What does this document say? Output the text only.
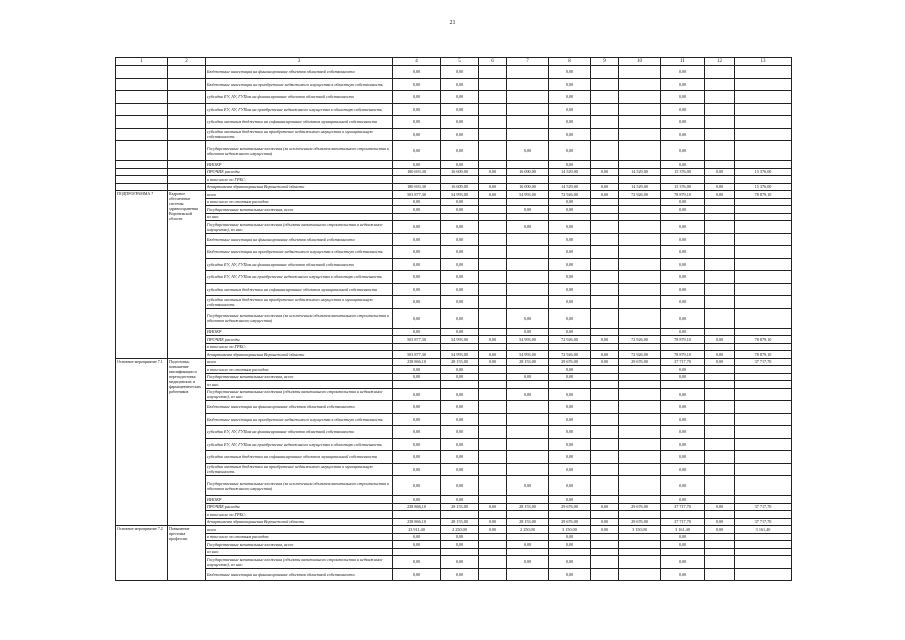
21
1	2	3	4	5	6	7	8	9	10	11	12	13
		Бюджетные инвестиции на финансирование объектов областной собственности	0,00	0,00			0,00			0,00		
		Бюджетные инвестиции на приобретение недвижимого имущества в областную собственность	0,00	0,00			0,00			0,00		
		субсидии ЕУ, АУ, ГУПам на финансирование объектов областной собственности	0,00	0,00			0,00			0,00		
		субсидии ЕУ, АУ, ГУПам на приобретение недвижимого имущества в областную собственность	0,00	0,00			0,00			0,00		
		субсидии местным бюджетам на софинансирование объектов муниципальной собственности	0,00	0,00			0,00			0,00		
		субсидии местным бюджетам на приобретение недвижимого имущества в муниципальную собственность	0,00	0,00			0,00			0,00		
		Государственные капитальные вложения (за исключением объектов капитального строительства и объектов недвижимого имущества)	0,00	0,00		0,00	0,00			0,00		
		НИОКР	0,00	0,00			0,00			0,00		
		ПРОЧИЕ расходы	180 693,30	16 609,00	0,00	16 000,00	14 529,00	0,00	14 529,00	15 376,00	0,00	15 376,00
		в том числе по ГРБС:										
		департамент здравоохранения Воронежской области	180 693,30	16 609,00	0,00	16 000,00	14 529,00	0,00	14 529,00	15 376,00	0,00	15 376,00
ПОДПРОГРАММА 7	Кадровое обеспечение системы здравоохранения Воронежской области	всего	503 877,30	54 993,00	0,00	54 993,00	72 926,00	0,00	72 926,00	78 879,10	0,00	78 879,10
		в том числе по статьям расходов:	0,00	0,00			0,00			0,00		
		Государственные капитальные вложения, всего	0,00	0,00		0,00	0,00			0,00		
		из них:										
		Государственные капитальные вложения (объекты капитального строительства и недвижимое имущество), из них:	0,00	0,00		0,00	0,00			0,00		
		Бюджетные инвестиции на финансирование объектов областной собственности	0,00	0,00			0,00			0,00		
		Бюджетные инвестиции на приобретение недвижимого имущества в областную собственность	0,00	0,00			0,00			0,00		
		субсидии ЕУ, АУ, ГУПам на финансирование объектов областной собственности	0,00	0,00			0,00			0,00		
		субсидии ЕУ, АУ, ГУПам на приобретение недвижимого имущества в областную собственность	0,00	0,00			0,00			0,00		
		субсидии местным бюджетам на софинансирование объектов муниципальной собственности	0,00	0,00			0,00			0,00		
		субсидии местным бюджетам на приобретение недвижимого имущества в муниципальную собственность	0,00	0,00			0,00			0,00		
		Государственные капитальные вложения (за исключением объектов капитального строительства и объектов недвижимого имущества)	0,00	0,00		0,00	0,00			0,00		
		НИОКР	0,00	0,00		0,00	0,00			0,00		
		ПРОЧИЕ расходы	503 877,30	54 993,00	0,00	54 993,00	72 926,00	0,00	72 926,00	78 879,10	0,00	78 879,10
		в том числе по ГРБС:										
		департамент здравоохранения Воронежской области	503 877,30	54 993,00	0,00	54 993,00	72 926,00	0,00	72 926,00	78 879,10	0,00	78 879,10
Основное мероприятие 7.1	Подготовка, повышение квалификации и переподготовка медицинских и фармацевтических работников	всего	238 866,10	28 153,00	0,00	28 153,00	29 676,00	0,00	29 676,00	37 717,70	0,00	37 717,70
		в том числе по статьям расходов:	0,00	0,00			0,00			0,00		
		Государственные капитальные вложения, всего	0,00	0,00		0,00	0,00			0,00		
		из них:										
		Государственные капитальные вложения (объекты капитального строительства и недвижимое имущество), из них:	0,00	0,00		0,00	0,00			0,00		
		Бюджетные инвестиции на финансирование объектов областной собственности	0,00	0,00			0,00			0,00		
		Бюджетные инвестиции на приобретение недвижимого имущества в областную собственность	0,00	0,00			0,00			0,00		
		субсидии ЕУ, АУ, ГУПам на финансирование объектов областной собственности	0,00	0,00			0,00			0,00		
		субсидии ЕУ, АУ, ГУПам на приобретение недвижимого имущества в областную собственность	0,00	0,00			0,00			0,00		
		субсидии местным бюджетам на софинансирование объектов муниципальной собственности	0,00	0,00			0,00			0,00		
		субсидии местным бюджетам на приобретение недвижимого имущества в муниципальную собственность	0,00	0,00			0,00			0,00		
		Государственные капитальные вложения (за исключением объектов капитального строительства и объектов недвижимого имущества)	0,00	0,00		0,00	0,00			0,00		
		НИОКР	0,00	0,00			0,00			0,00		
		ПРОЧИЕ расходы	238 866,10	28 153,00	0,00	28 153,00	29 676,00	0,00	29 676,00	37 717,70	0,00	37 717,70
		в том числе по ГРБС:										
		департамент здравоохранения Воронежской области	238 866,10	28 153,00	0,00	28 153,00	29 676,00	0,00	29 676,00	37 717,70	0,00	37 717,70
Основное мероприятие 7.2	Повышение престижа профессии	всего	23 911,40	2 250,00	0,00	2 250,00	3 150,00	0,00	3 150,00	3 161,40	0,00	3 161,40
		в том числе по статьям расходов:	0,00	0,00			0,00			0,00		
		Государственные капитальные вложения, всего	0,00	0,00		0,00	0,00			0,00		
		из них:										
		Государственные капитальные вложения (объекты капитального строительства и недвижимое имущество), из них:	0,00	0,00		0,00	0,00			0,00		
		Бюджетные инвестиции на финансирование объектов областной собственности	0,00	0,00			0,00			0,00		
